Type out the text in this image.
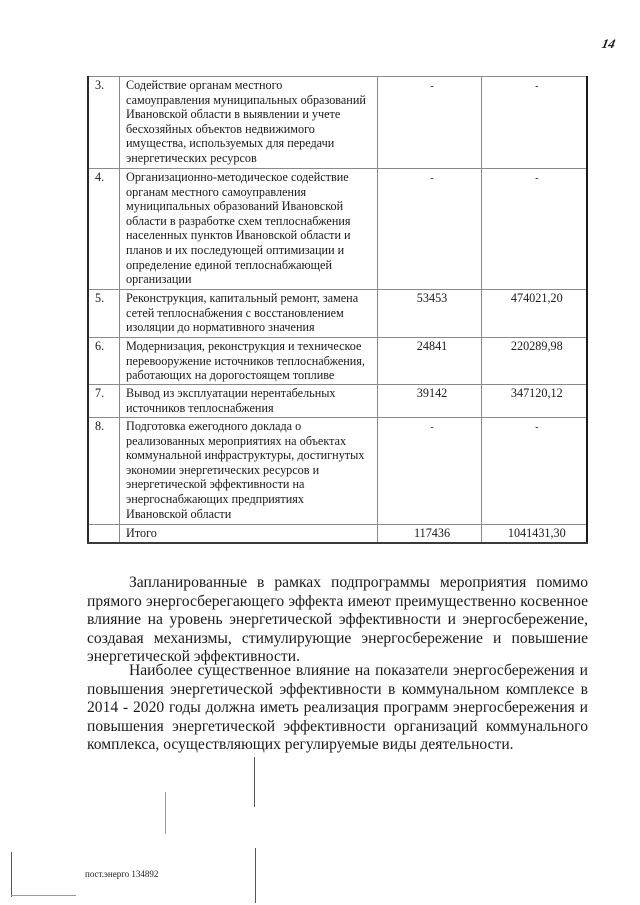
14
3.	Содействие органам местного
самоуправления муниципальных образований
Ивановской области в выявлении и учете
бесхозяйных объектов недвижимого
имущества, используемых для передачи
энергетических ресурсов	-	-
4.	Организационно-методическое содействие
органам местного самоуправления
муниципальных образований Ивановской
области в разработке схем теплоснабжения
населенных пунктов Ивановской области и
планов и их последующей оптимизации и
определение единой теплоснабжающей
организации	-	-
5.	Реконструкция, капитальный ремонт, замена
сетей теплоснабжения с восстановлением
изоляции до нормативного значения	53453	474021,20
6.	Модернизация, реконструкция и техническое
перевооружение источников теплоснабжения,
работающих на дорогостоящем топливе	24841	220289,98
7.	Вывод из эксплуатации нерентабельных
источников теплоснабжения	39142	347120,12
8.	Подготовка ежегодного доклада о
реализованных мероприятиях на объектах
коммунальной инфраструктуры, достигнутых
экономии энергетических ресурсов и
энергетической эффективности на
энергоснабжающих предприятиях
Ивановской области	-	-
	Итого	117436	1041431,30
Запланированные в рамках подпрограммы мероприятия помимо прямого энергосберегающего эффекта имеют преимущественно косвенное влияние на уровень энергетической эффективности и энергосбережение, создавая механизмы, стимулирующие энергосбережение и повышение энергетической эффективности.
Наиболее существенное влияние на показатели энергосбережения и повышения энергетической эффективности в коммунальном комплексе в 2014 - 2020 годы должна иметь реализация программ энергосбережения и повышения энергетической эффективности организаций коммунального комплекса, осуществляющих регулируемые виды деятельности.
пост.энерго 134892
